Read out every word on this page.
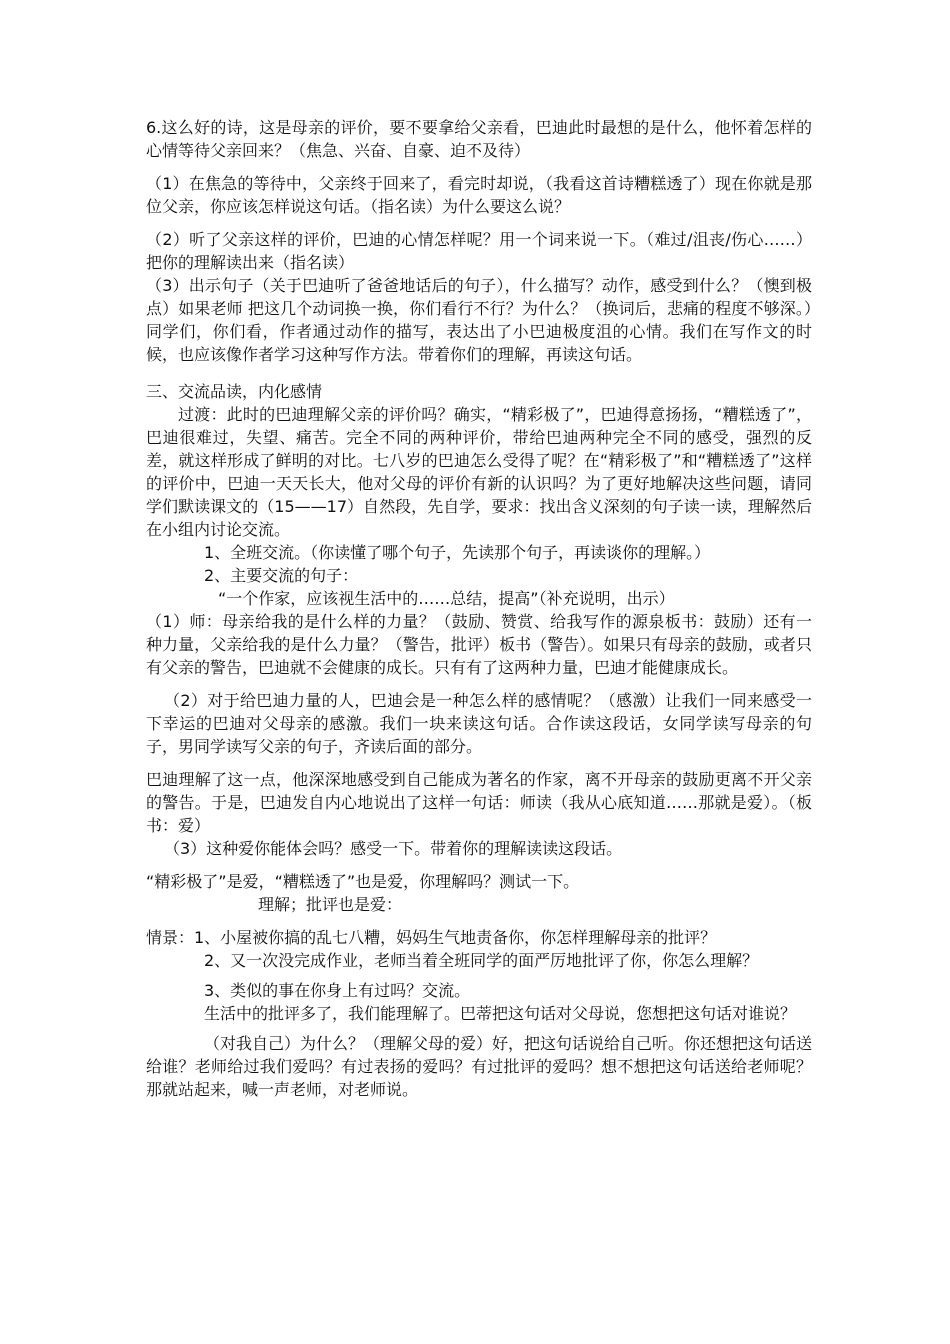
6.这么好的诗，这是母亲的评价，要不要拿给父亲看，巴迪此时最想的是什么，他怀着怎样的心情等待父亲回来？（焦急、兴奋、自豪、迫不及待）

（1）在焦急的等待中，父亲终于回来了，看完时却说，（我看这首诗糟糕透了）现在你就是那位父亲，你应该怎样说这句话。（指名读）为什么要这么说？

（2）听了父亲这样的评价，巴迪的心情怎样呢？用一个词来说一下。（难过/沮丧/伤心……）把你的理解读出来（指名读）

（3）出示句子（关于巴迪听了爸爸地话后的句子），什么描写？动作，感受到什么？（懊到极点）如果老师 把这几个动词换一换，你们看行不行？为什么？（换词后，悲痛的程度不够深。）同学们，你们看，作者通过动作的描写，表达出了小巴迪极度沮的心情。我们在写作文的时候，也应该像作者学习这种写作方法。带着你们的理解，再读这句话。

三、交流品读，内化感情

过渡：此时的巴迪理解父亲的评价吗？确实，“精彩极了”，巴迪得意扬扬，“糟糕透了”，巴迪很难过，失望、痛苦。完全不同的两种评价，带给巴迪两种完全不同的感受，强烈的反差，就这样形成了鲜明的对比。七八岁的巴迪怎么受得了呢？在“精彩极了”和“糟糕透了”这样的评价中，巴迪一天天长大，他对父母的评价有新的认识吗？为了更好地解决这些问题，请同学们默读课文的（15——17）自然段，先自学，要求：找出含义深刻的句子读一读，理解然后在小组内讨论交流。

1、全班交流。（你读懂了哪个句子，先读那个句子，再读谈你的理解。）

2、主要交流的句子：

“一个作家，应该视生活中的……总结，提高”（补充说明，出示）

（1）师：母亲给我的是什么样的力量？（鼓励、赞赏、给我写作的源泉板书：鼓励）还有一种力量，父亲给我的是什么力量？（警告，批评）板书（警告）。如果只有母亲的鼓励，或者只有父亲的警告，巴迪就不会健康的成长。只有有了这两种力量，巴迪才能健康成长。

（2）对于给巴迪力量的人，巴迪会是一种怎么样的感情呢？（感激）让我们一同来感受一下幸运的巴迪对父母亲的感激。我们一块来读这句话。合作读这段话，女同学读写母亲的句子，男同学读写父亲的句子，齐读后面的部分。

巴迪理解了这一点，他深深地感受到自己能成为著名的作家，离不开母亲的鼓励更离不开父亲的警告。于是，巴迪发自内心地说出了这样一句话：师读（我从心底知道……那就是爱）。（板书：爱）

（3）这种爱你能体会吗？感受一下。带着你的理解读读这段话。

“精彩极了”是爱，“糟糕透了”也是爱，你理解吗？测试一下。

理解；批评也是爱：

情景：1、小屋被你搞的乱七八糟，妈妈生气地责备你，你怎样理解母亲的批评？

2、又一次没完成作业，老师当着全班同学的面严厉地批评了你，你怎么理解？

3、类似的事在你身上有过吗？交流。

生活中的批评多了，我们能理解了。巴蒂把这句话对父母说，您想把这句话对谁说？

（对我自己）为什么？（理解父母的爱）好，把这句话说给自己听。你还想把这句话送给谁？老师给过我们爱吗？有过表扬的爱吗？有过批评的爱吗？想不想把这句话送给老师呢？那就站起来，喊一声老师，对老师说。
